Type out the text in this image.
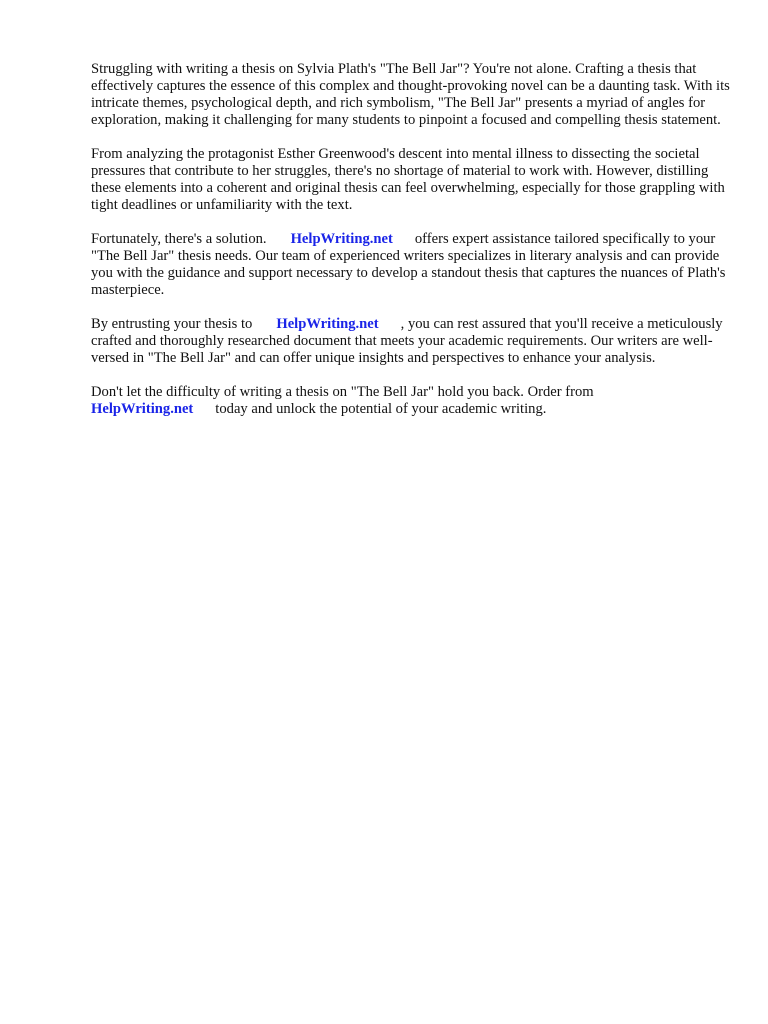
Struggling with writing a thesis on Sylvia Plath's "The Bell Jar"? You're not alone. Crafting a thesis that effectively captures the essence of this complex and thought-provoking novel can be a daunting task. With its intricate themes, psychological depth, and rich symbolism, "The Bell Jar" presents a myriad of angles for exploration, making it challenging for many students to pinpoint a focused and compelling thesis statement.

From analyzing the protagonist Esther Greenwood's descent into mental illness to dissecting the societal pressures that contribute to her struggles, there's no shortage of material to work with. However, distilling these elements into a coherent and original thesis can feel overwhelming, especially for those grappling with tight deadlines or unfamiliarity with the text.

Fortunately, there's a solution. HelpWriting.net offers expert assistance tailored specifically to your "The Bell Jar" thesis needs. Our team of experienced writers specializes in literary analysis and can provide you with the guidance and support necessary to develop a standout thesis that captures the nuances of Plath's masterpiece.

By entrusting your thesis to HelpWriting.net , you can rest assured that you'll receive a meticulously crafted and thoroughly researched document that meets your academic requirements. Our writers are well-versed in "The Bell Jar" and can offer unique insights and perspectives to enhance your analysis.

Don't let the difficulty of writing a thesis on "The Bell Jar" hold you back. Order from HelpWriting.net today and unlock the potential of your academic writing.
